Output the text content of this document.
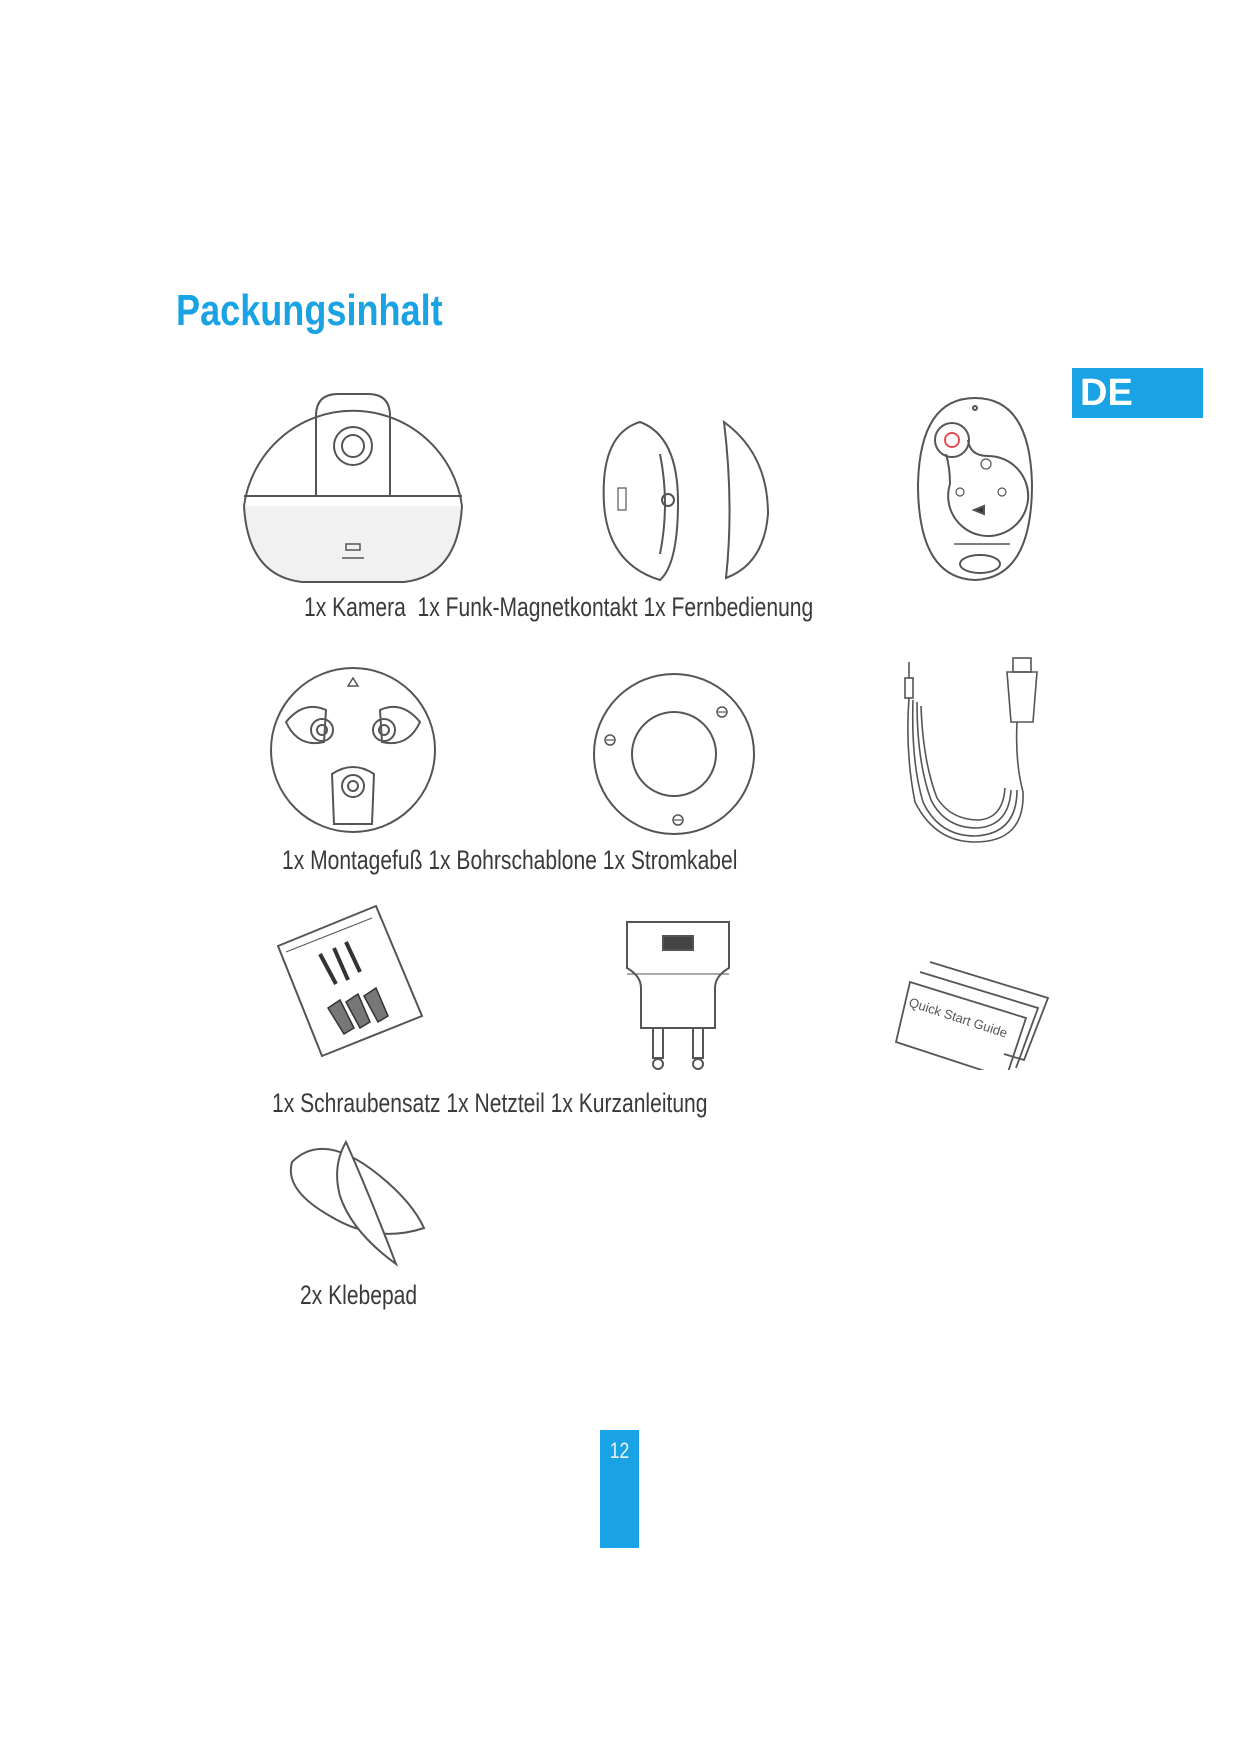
Packungsinhalt
DE
1x Kamera  1x Funk-Magnetkontakt 1x Fernbedienung
1x Montagefuß 1x Bohrschablone 1x Stromkabel
Quick Start Guide
1x Schraubensatz 1x Netzteil 1x Kurzanleitung
2x Klebepad
12
